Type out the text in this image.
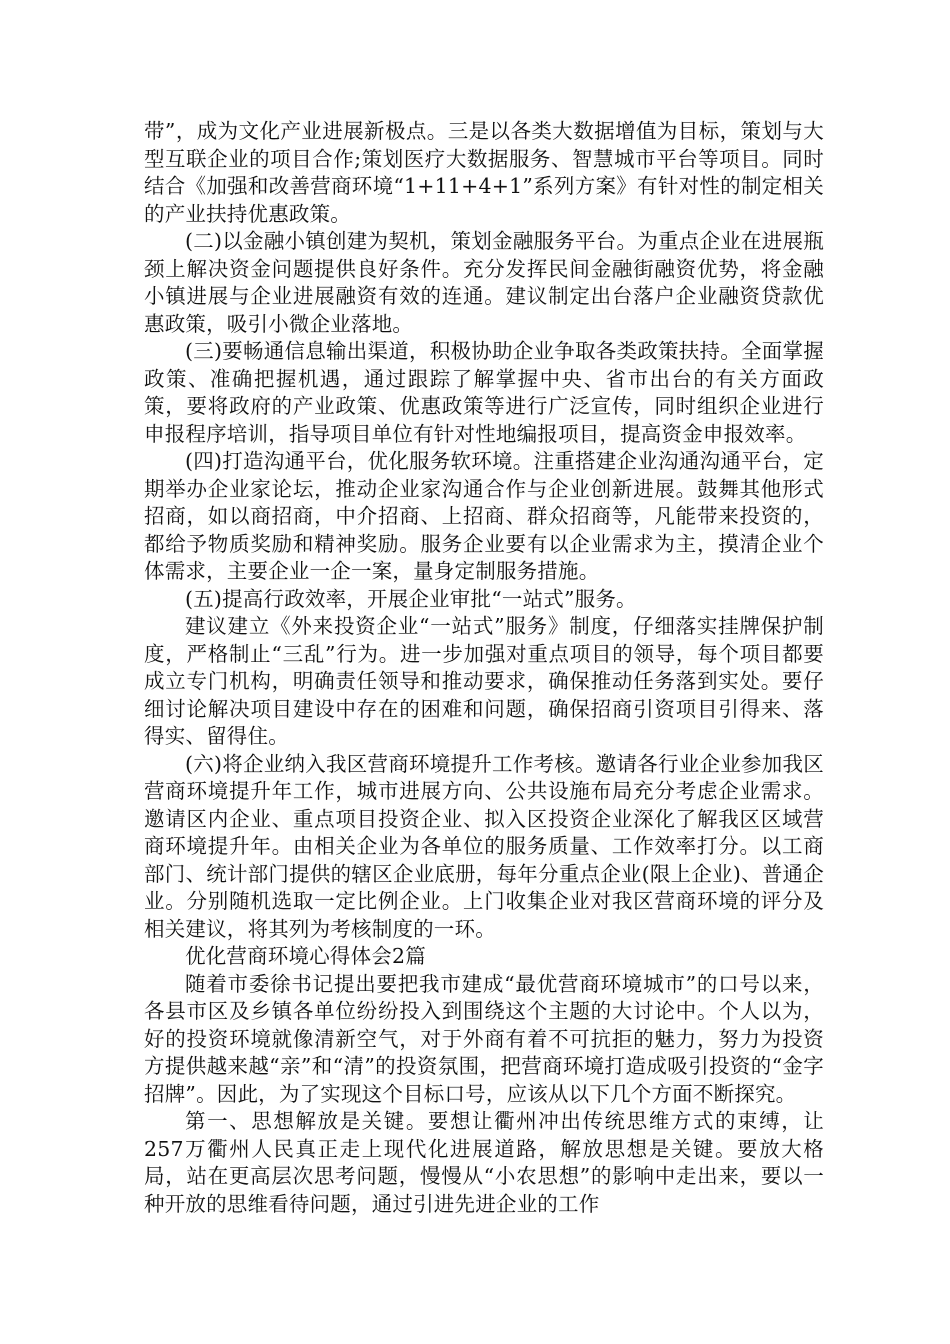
带”，成为文化产业进展新极点。三是以各类大数据增值为目标，策划与大型互联企业的项目合作;策划医疗大数据服务、智慧城市平台等项目。同时结合《加强和改善营商环境“1+11+4+1”系列方案》有针对性的制定相关的产业扶持优惠政策。

(二)以金融小镇创建为契机，策划金融服务平台。为重点企业在进展瓶颈上解决资金问题提供良好条件。充分发挥民间金融街融资优势，将金融小镇进展与企业进展融资有效的连通。建议制定出台落户企业融资贷款优惠政策，吸引小微企业落地。

(三)要畅通信息输出渠道，积极协助企业争取各类政策扶持。全面掌握政策、准确把握机遇，通过跟踪了解掌握中央、省市出台的有关方面政策，要将政府的产业政策、优惠政策等进行广泛宣传，同时组织企业进行申报程序培训，指导项目单位有针对性地编报项目，提高资金申报效率。

(四)打造沟通平台，优化服务软环境。注重搭建企业沟通沟通平台，定期举办企业家论坛，推动企业家沟通合作与企业创新进展。鼓舞其他形式招商，如以商招商，中介招商、上招商、群众招商等，凡能带来投资的，都给予物质奖励和精神奖励。服务企业要有以企业需求为主，摸清企业个体需求，主要企业一企一案，量身定制服务措施。

(五)提高行政效率，开展企业审批“一站式”服务。

建议建立《外来投资企业“一站式”服务》制度，仔细落实挂牌保护制度，严格制止“三乱”行为。进一步加强对重点项目的领导，每个项目都要成立专门机构，明确责任领导和推动要求，确保推动任务落到实处。要仔细讨论解决项目建设中存在的困难和问题，确保招商引资项目引得来、落得实、留得住。

(六)将企业纳入我区营商环境提升工作考核。邀请各行业企业参加我区营商环境提升年工作，城市进展方向、公共设施布局充分考虑企业需求。邀请区内企业、重点项目投资企业、拟入区投资企业深化了解我区区域营商环境提升年。由相关企业为各单位的服务质量、工作效率打分。以工商部门、统计部门提供的辖区企业底册，每年分重点企业(限上企业)、普通企业。分别随机选取一定比例企业。上门收集企业对我区营商环境的评分及相关建议，将其列为考核制度的一环。

优化营商环境心得体会2篇

随着市委徐书记提出要把我市建成“最优营商环境城市”的口号以来，各县市区及乡镇各单位纷纷投入到围绕这个主题的大讨论中。个人以为，好的投资环境就像清新空气，对于外商有着不可抗拒的魅力，努力为投资方提供越来越“亲”和“清”的投资氛围，把营商环境打造成吸引投资的“金字招牌”。因此，为了实现这个目标口号，应该从以下几个方面不断探究。

第一、思想解放是关键。要想让衢州冲出传统思维方式的束缚，让257万衢州人民真正走上现代化进展道路，解放思想是关键。要放大格局，站在更高层次思考问题，慢慢从“小农思想”的影响中走出来，要以一种开放的思维看待问题，通过引进先进企业的工作
